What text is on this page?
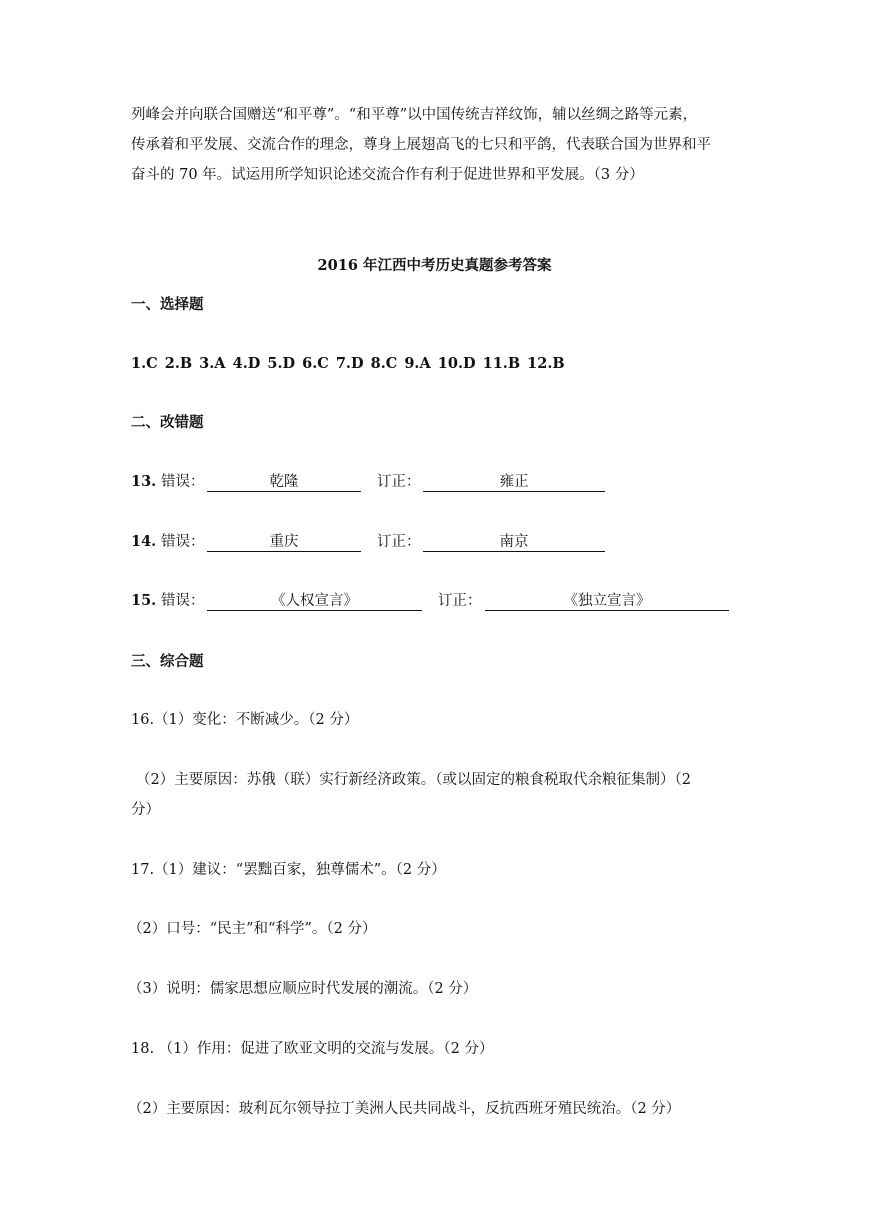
列峰会并向联合国赠送“和平尊”。“和平尊”以中国传统吉祥纹饰，辅以丝绸之路等元素，
传承着和平发展、交流合作的理念，尊身上展翅高飞的七只和平鸽，代表联合国为世界和平
奋斗的 70 年。试运用所学知识论述交流合作有利于促进世界和平发展。（3 分）
2016 年江西中考历史真题参考答案
一、选择题
1.C 2.B 3.A 4.D 5.D 6.C 7.D 8.C 9.A 10.D 11.B 12.B
二、改错题
13. 错误：	乾隆	订正：	雍正
14. 错误：	重庆	订正：	南京
15. 错误：	《人权宣言》	订正：	《独立宣言》
三、综合题
16.（1）变化：不断减少。（2 分）
（2）主要原因：苏俄（联）实行新经济政策。（或以固定的粮食税取代余粮征集制）（2
分）
17.（1）建议：“罢黜百家，独尊儒术”。（2 分）
（2）口号：“民主”和“科学”。（2 分）
（3）说明：儒家思想应顺应时代发展的潮流。（2 分）
18. （1）作用：促进了欧亚文明的交流与发展。（2 分）
（2）主要原因：玻利瓦尔领导拉丁美洲人民共同战斗，反抗西班牙殖民统治。（2 分）
